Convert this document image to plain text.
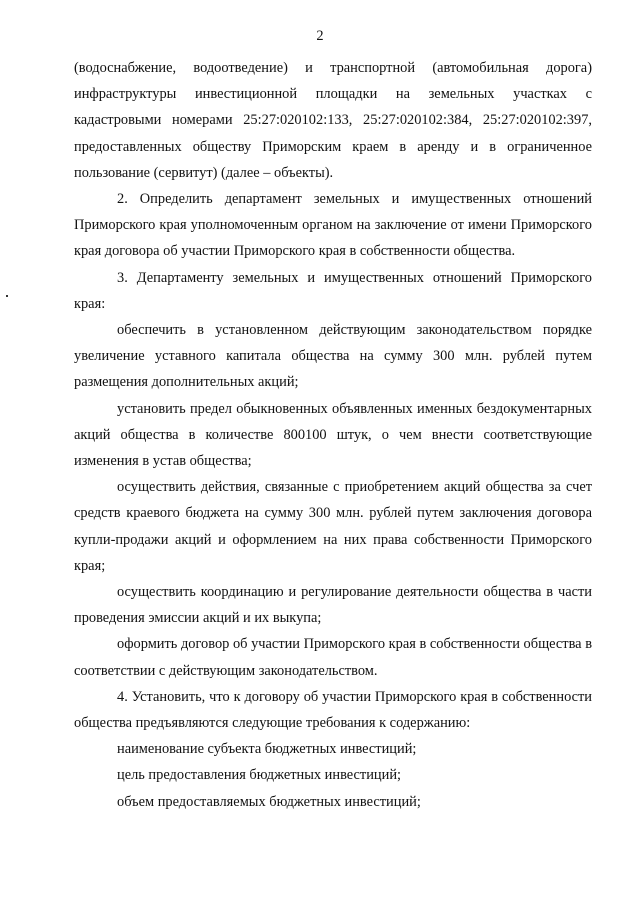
2

(водоснабжение, водоотведение) и транспортной (автомобильная дорога) инфраструктуры инвестиционной площадки на земельных участках с кадастровыми номерами 25:27:020102:133, 25:27:020102:384, 25:27:020102:397, предоставленных обществу Приморским краем в аренду и в ограниченное пользование (сервитут) (далее – объекты).

2. Определить департамент земельных и имущественных отношений Приморского края уполномоченным органом на заключение от имени Приморского края договора об участии Приморского края в собственности общества.

3. Департаменту земельных и имущественных отношений Приморского края:

обеспечить в установленном действующим законодательством порядке увеличение уставного капитала общества на сумму 300 млн. рублей путем размещения дополнительных акций;

установить предел обыкновенных объявленных именных бездокументарных акций общества в количестве 800100 штук, о чем внести соответствующие изменения в устав общества;

осуществить действия, связанные с приобретением акций общества за счет средств краевого бюджета на сумму 300 млн. рублей путем заключения договора купли-продажи акций и оформлением на них права собственности Приморского края;

осуществить координацию и регулирование деятельности общества в части проведения эмиссии акций и их выкупа;

оформить договор об участии Приморского края в собственности общества в соответствии с действующим законодательством.

4. Установить, что к договору об участии Приморского края в собственности общества предъявляются следующие требования к содержанию:

наименование субъекта бюджетных инвестиций;

цель предоставления бюджетных инвестиций;

объем предоставляемых бюджетных инвестиций;
